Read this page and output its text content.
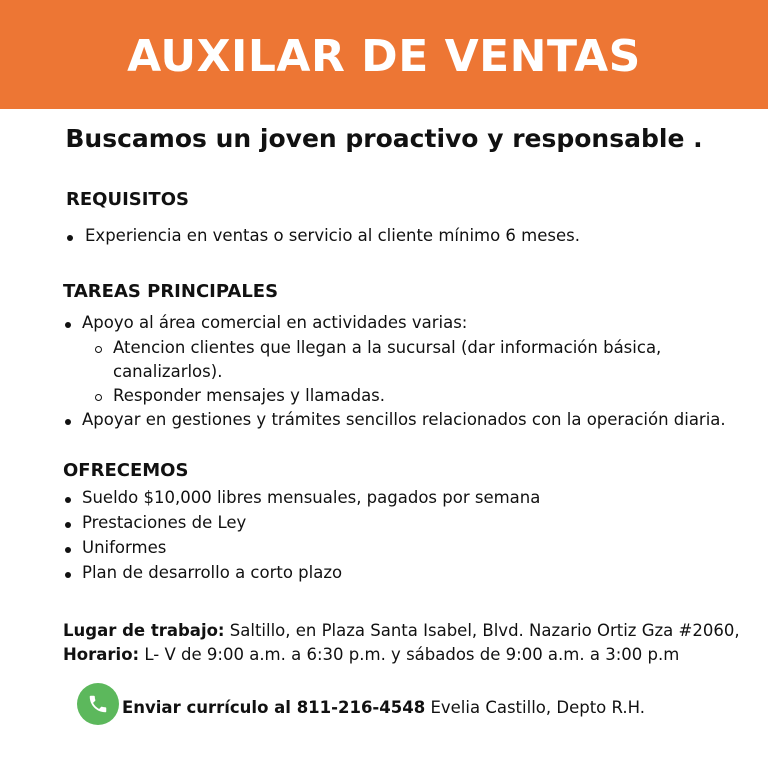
AUXILAR DE VENTAS
Buscamos un joven proactivo y responsable .
REQUISITOS
Experiencia en ventas o servicio al cliente mínimo 6 meses.
TAREAS PRINCIPALES
Apoyo al área comercial en actividades varias:
Atencion clientes que llegan a la sucursal (dar información básica,
canalizarlos).
Responder mensajes y llamadas.
Apoyar en gestiones y trámites sencillos relacionados con la operación diaria.
OFRECEMOS
Sueldo $10,000 libres mensuales, pagados por semana
Prestaciones de Ley
Uniformes
Plan de desarrollo a corto plazo
Lugar de trabajo: Saltillo, en Plaza Santa Isabel, Blvd. Nazario Ortiz Gza #2060,
Horario: L- V de 9:00 a.m. a 6:30 p.m. y sábados de 9:00 a.m. a 3:00 p.m
Enviar currículo al 811-216-4548 Evelia Castillo, Depto R.H.
